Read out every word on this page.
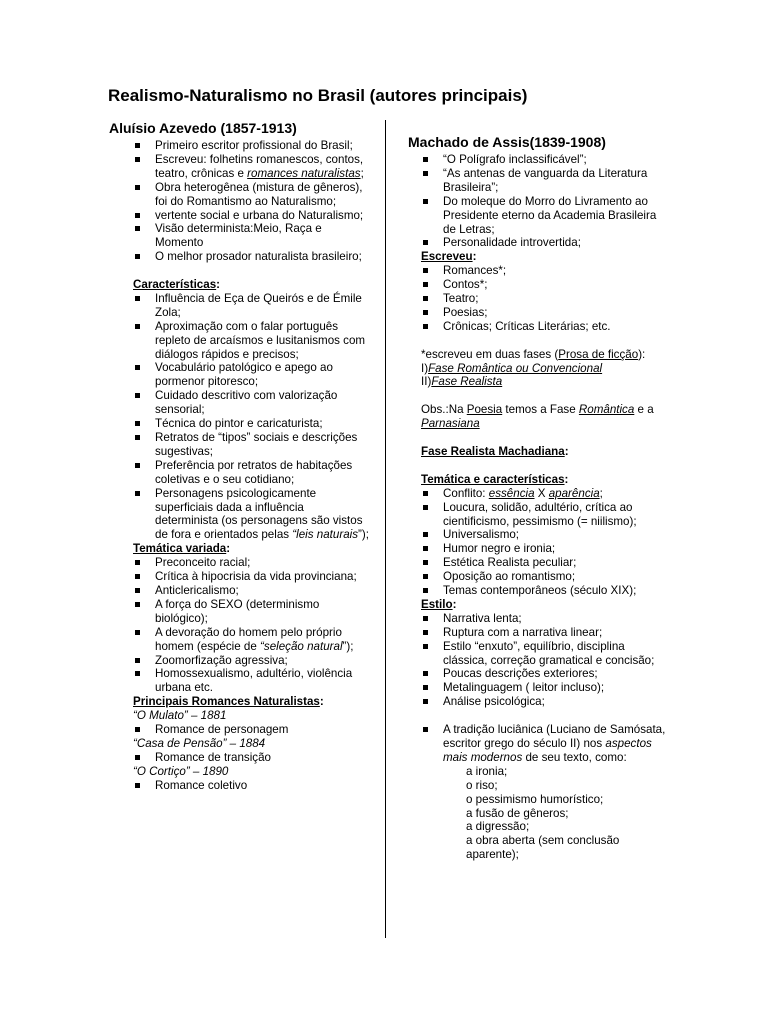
Realismo-Naturalismo no Brasil (autores principais)
Aluísio Azevedo (1857-1913)
Primeiro escritor profissional do Brasil;
Escreveu: folhetins romanescos, contos, teatro, crônicas e romances naturalistas;
Obra heterogênea (mistura de gêneros), foi do Romantismo ao Naturalismo;
vertente social e urbana do Naturalismo;
Visão determinista:Meio, Raça e Momento
O melhor prosador naturalista brasileiro;
Características:
Influência de Eça de Queirós e de Émile Zola;
Aproximação com o falar português repleto de arcaísmos e lusitanismos com diálogos rápidos e precisos;
Vocabulário patológico e apego ao pormenor pitoresco;
Cuidado descritivo com valorização sensorial;
Técnica do pintor e caricaturista;
Retratos de “tipos” sociais e descrições sugestivas;
Preferência por retratos de habitações coletivas e o seu cotidiano;
Personagens psicologicamente superficiais dada a influência determinista (os personagens são vistos de fora e orientados pelas “leis naturais”);
Temática variada:
Preconceito racial;
Crítica à hipocrisia da vida provinciana;
Anticlericalismo;
A força do SEXO (determinismo biológico);
A devoração do homem pelo próprio homem (espécie de “seleção natural”);
Zoomorfização agressiva;
Homossexualismo, adultério, violência urbana etc.
Principais Romances Naturalistas:
“O Mulato” – 1881
Romance de personagem
“Casa de Pensão” – 1884
Romance de transição
“O Cortiço” – 1890
Romance coletivo
Machado de Assis(1839-1908)
“O Polígrafo inclassificável”;
“As antenas de vanguarda da Literatura Brasileira”;
Do moleque do Morro do Livramento ao Presidente eterno da Academia Brasileira de Letras;
Personalidade introvertida;
Escreveu:
Romances*;
Contos*;
Teatro;
Poesias;
Crônicas; Críticas Literárias; etc.
*escreveu em duas fases (Prosa de ficção):
I)Fase Romântica ou Convencional
II)Fase Realista
Obs.:Na Poesia temos a Fase Romântica e a Parnasiana
Fase Realista Machadiana:
Temática e características:
Conflito: essência X aparência;
Loucura, solidão, adultério, crítica ao cientificismo, pessimismo (= niilismo);
Universalismo;
Humor negro e ironia;
Estética Realista peculiar;
Oposição ao romantismo;
Temas contemporâneos (século XIX);
Estilo:
Narrativa lenta;
Ruptura com a narrativa linear;
Estilo “enxuto”, equilíbrio, disciplina clássica, correção gramatical e concisão;
Poucas descrições exteriores;
Metalinguagem ( leitor incluso);
Análise psicológica;
A tradição luciânica (Luciano de Samósata, escritor grego do século II) nos aspectos mais modernos de seu texto, como:
a ironia;
o riso;
o pessimismo humorístico;
a fusão de gêneros;
a digressão;
a obra aberta (sem conclusão aparente);
